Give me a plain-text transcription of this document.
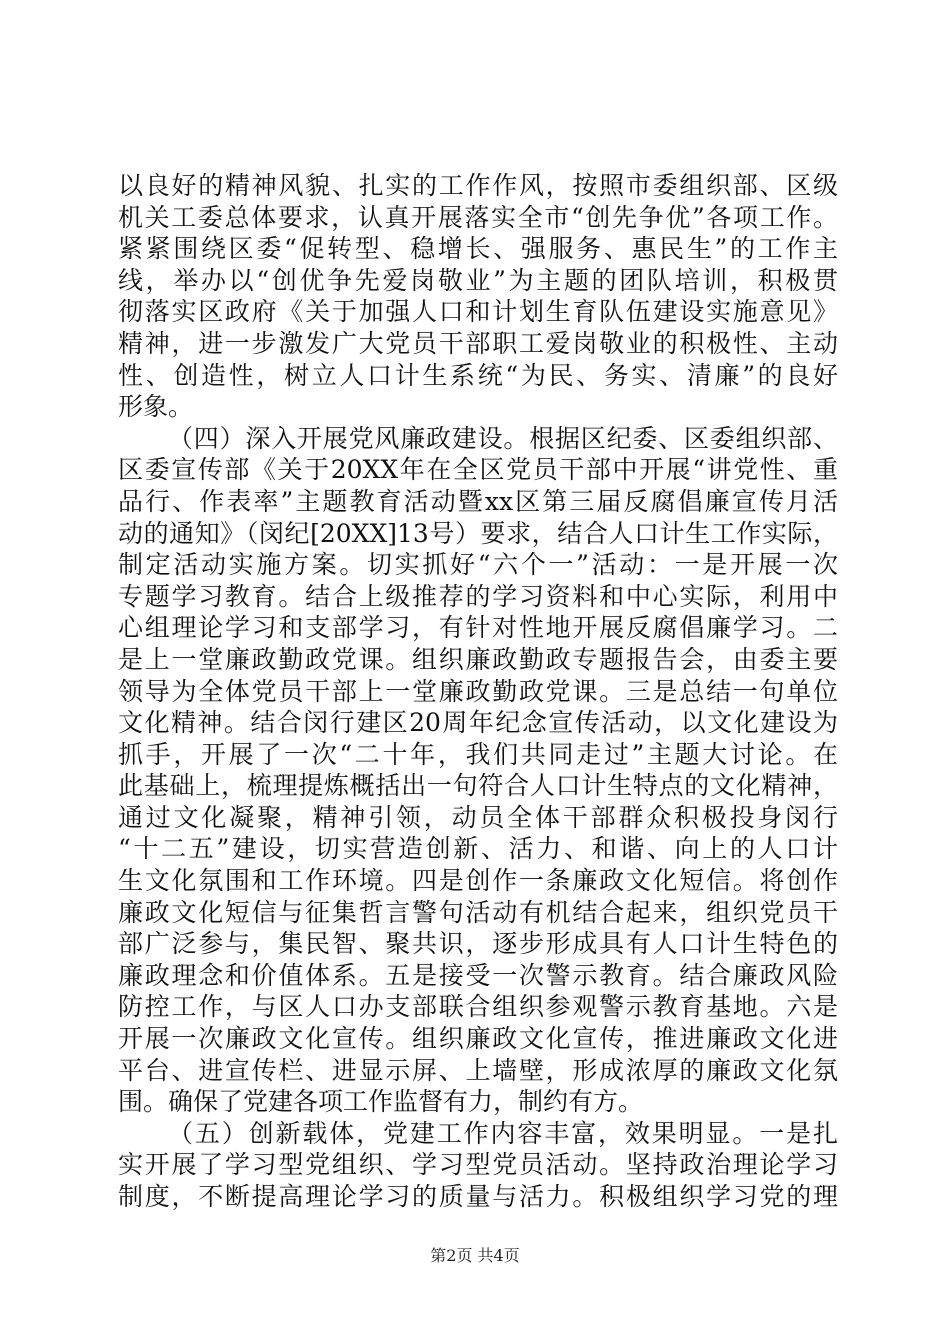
以良好的精神风貌、扎实的工作作风，按照市委组织部、区级
机关工委总体要求，认真开展落实全市“创先争优”各项工作。
紧紧围绕区委“促转型、稳增长、强服务、惠民生”的工作主
线，举办以“创优争先爱岗敬业”为主题的团队培训，积极贯
彻落实区政府《关于加强人口和计划生育队伍建设实施意见》
精神，进一步激发广大党员干部职工爱岗敬业的积极性、主动
性、创造性，树立人口计生系统“为民、务实、清廉”的良好
形象。
（四）深入开展党风廉政建设。根据区纪委、区委组织部、
区委宣传部《关于20XX年在全区党员干部中开展“讲党性、重
品行、作表率”主题教育活动暨xx区第三届反腐倡廉宣传月活
动的通知》（闵纪[20XX]13号）要求，结合人口计生工作实际，
制定活动实施方案。切实抓好“六个一”活动：一是开展一次
专题学习教育。结合上级推荐的学习资料和中心实际，利用中
心组理论学习和支部学习，有针对性地开展反腐倡廉学习。二
是上一堂廉政勤政党课。组织廉政勤政专题报告会，由委主要
领导为全体党员干部上一堂廉政勤政党课。三是总结一句单位
文化精神。结合闵行建区20周年纪念宣传活动，以文化建设为
抓手，开展了一次“二十年，我们共同走过”主题大讨论。在
此基础上，梳理提炼概括出一句符合人口计生特点的文化精神，
通过文化凝聚，精神引领，动员全体干部群众积极投身闵行
“十二五”建设，切实营造创新、活力、和谐、向上的人口计
生文化氛围和工作环境。四是创作一条廉政文化短信。将创作
廉政文化短信与征集哲言警句活动有机结合起来，组织党员干
部广泛参与，集民智、聚共识，逐步形成具有人口计生特色的
廉政理念和价值体系。五是接受一次警示教育。结合廉政风险
防控工作，与区人口办支部联合组织参观警示教育基地。六是
开展一次廉政文化宣传。组织廉政文化宣传，推进廉政文化进
平台、进宣传栏、进显示屏、上墙壁，形成浓厚的廉政文化氛
围。确保了党建各项工作监督有力，制约有方。
（五）创新载体，党建工作内容丰富，效果明显。一是扎
实开展了学习型党组织、学习型党员活动。坚持政治理论学习
制度，不断提高理论学习的质量与活力。积极组织学习党的理
第2页 共4页
